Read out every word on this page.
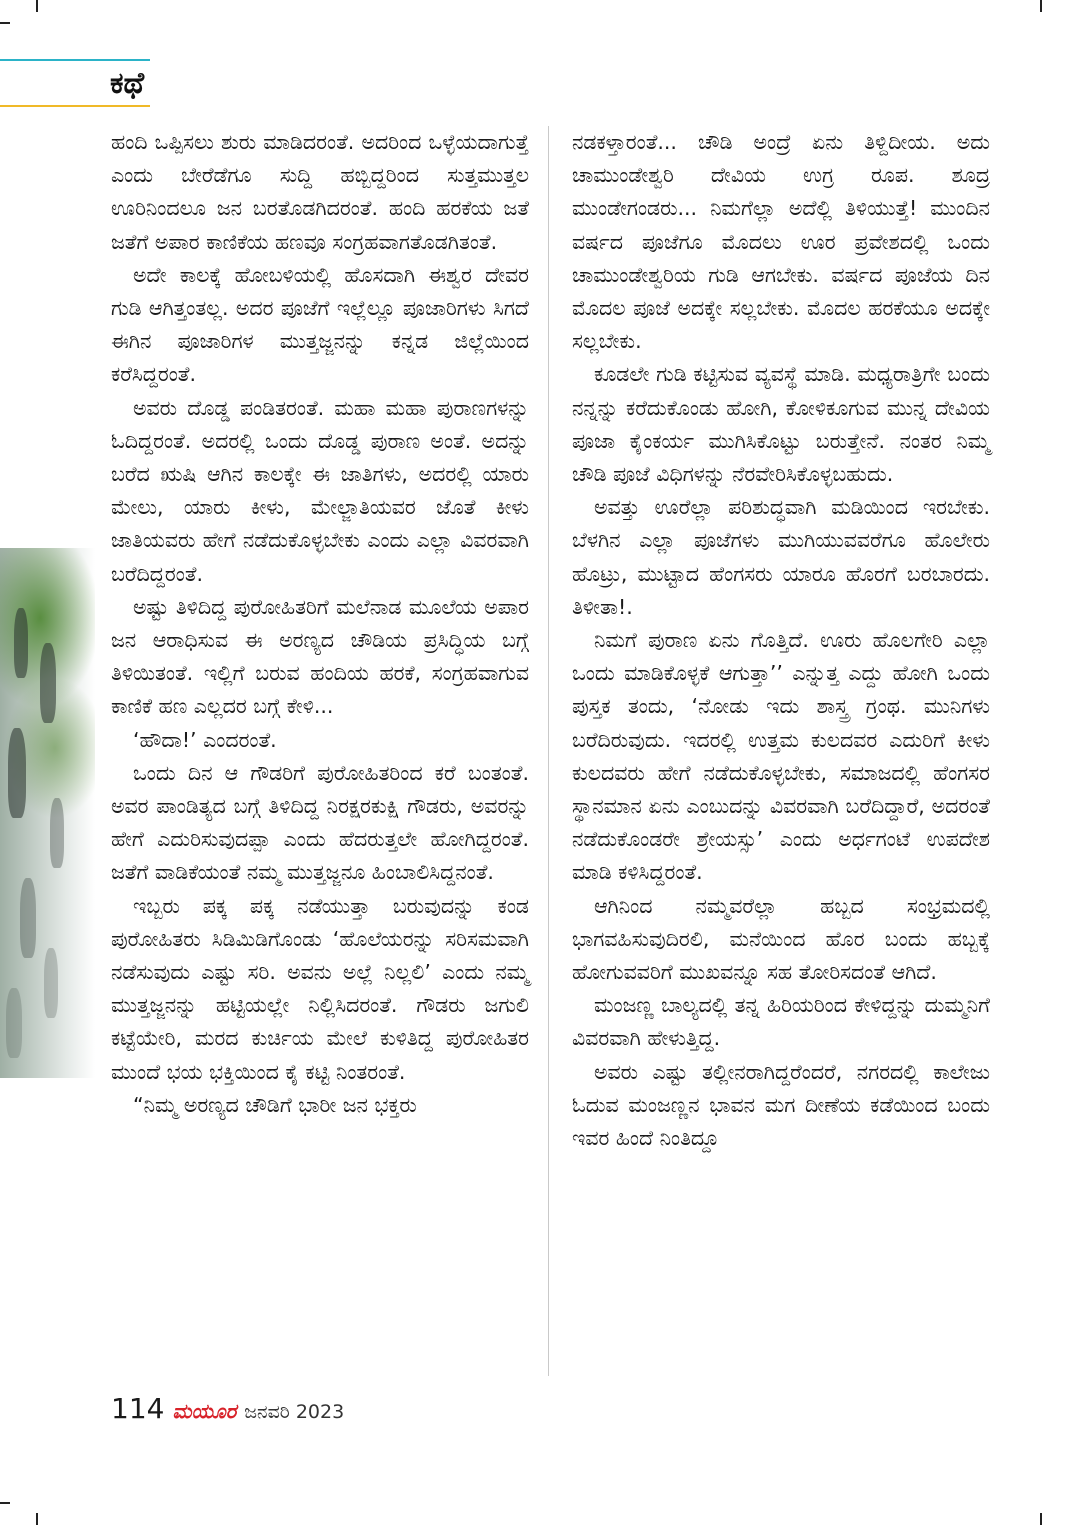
ಕಥೆ

ಹಂದಿ ಒಪ್ಪಿಸಲು ಶುರು ಮಾಡಿದರಂತೆ. ಅದರಿಂದ ಒಳ್ಳೆಯದಾಗುತ್ತೆ ಎಂದು ಬೇರೆಡೆಗೂ ಸುದ್ದಿ ಹಬ್ಬಿದ್ದರಿಂದ ಸುತ್ತಮುತ್ತಲ ಊರಿನಿಂದಲೂ ಜನ ಬರತೊಡಗಿದರಂತೆ. ಹಂದಿ ಹರಕೆಯ ಜತೆ ಜತೆಗೆ ಅಪಾರ ಕಾಣಿಕೆಯ ಹಣವೂ ಸಂಗ್ರಹವಾಗತೊಡಗಿತಂತೆ.

ಅದೇ ಕಾಲಕ್ಕೆ ಹೋಬಳಿಯಲ್ಲಿ ಹೊಸದಾಗಿ ಈಶ್ವರ ದೇವರ ಗುಡಿ ಆಗಿತ್ತಂತಲ್ಲ. ಅದರ ಪೂಜೆಗೆ ಇಲ್ಲೆಲ್ಲೂ ಪೂಜಾರಿಗಳು ಸಿಗದೆ ಈಗಿನ ಪೂಜಾರಿಗಳ ಮುತ್ತಜ್ಜನನ್ನು ಕನ್ನಡ ಜಿಲ್ಲೆಯಿಂದ ಕರೆಸಿದ್ದರಂತೆ.

ಅವರು ದೊಡ್ಡ ಪಂಡಿತರಂತೆ. ಮಹಾ ಮಹಾ ಪುರಾಣಗಳನ್ನು ಓದಿದ್ದರಂತೆ. ಅದರಲ್ಲಿ ಒಂದು ದೊಡ್ಡ ಪುರಾಣ ಅಂತೆ. ಅದನ್ನು ಬರೆದ ಋಷಿ ಆಗಿನ ಕಾಲಕ್ಕೇ ಈ ಜಾತಿಗಳು, ಅದರಲ್ಲಿ ಯಾರು ಮೇಲು, ಯಾರು ಕೀಳು, ಮೇಲ್ಜಾತಿಯವರ ಜೊತೆ ಕೀಳು ಜಾತಿಯವರು ಹೇಗೆ ನಡೆದುಕೊಳ್ಳಬೇಕು ಎಂದು ಎಲ್ಲಾ ವಿವರವಾಗಿ ಬರೆದಿದ್ದರಂತೆ.

ಅಷ್ಟು ತಿಳಿದಿದ್ದ ಪುರೋಹಿತರಿಗೆ ಮಲೆನಾಡ ಮೂಲೆಯ ಅಪಾರ ಜನ ಆರಾಧಿಸುವ ಈ ಅರಣ್ಯದ ಚೌಡಿಯ ಪ್ರಸಿದ್ಧಿಯ ಬಗ್ಗೆ ತಿಳಿಯಿತಂತೆ. ಇಲ್ಲಿಗೆ ಬರುವ ಹಂದಿಯ ಹರಕೆ, ಸಂಗ್ರಹವಾಗುವ ಕಾಣಿಕೆ ಹಣ ಎಲ್ಲದರ ಬಗ್ಗೆ ಕೇಳಿ...

‘ಹೌದಾ!’ ಎಂದರಂತೆ.

ಒಂದು ದಿನ ಆ ಗೌಡರಿಗೆ ಪುರೋಹಿತರಿಂದ ಕರೆ ಬಂತಂತೆ. ಅವರ ಪಾಂಡಿತ್ಯದ ಬಗ್ಗೆ ತಿಳಿದಿದ್ದ ನಿರಕ್ಷರಕುಕ್ಷಿ ಗೌಡರು, ಅವರನ್ನು ಹೇಗೆ ಎದುರಿಸುವುದಪ್ಪಾ ಎಂದು ಹೆದರುತ್ತಲೇ ಹೋಗಿದ್ದರಂತೆ. ಜತೆಗೆ ವಾಡಿಕೆಯಂತೆ ನಮ್ಮ ಮುತ್ತಜ್ಜನೂ ಹಿಂಬಾಲಿಸಿದ್ದನಂತೆ.

ಇಬ್ಬರು ಪಕ್ಕ ಪಕ್ಕ ನಡೆಯುತ್ತಾ ಬರುವುದನ್ನು ಕಂಡ ಪುರೋಹಿತರು ಸಿಡಿಮಿಡಿಗೊಂಡು ‘ಹೊಲೆಯರನ್ನು ಸರಿಸಮವಾಗಿ ನಡೆಸುವುದು ಎಷ್ಟು ಸರಿ. ಅವನು ಅಲ್ಲೆ ನಿಲ್ಲಲಿ’ ಎಂದು ನಮ್ಮ ಮುತ್ತಜ್ಜನನ್ನು ಹಟ್ಟಿಯಲ್ಲೇ ನಿಲ್ಲಿಸಿದರಂತೆ. ಗೌಡರು ಜಗುಲಿ ಕಟ್ಟೆಯೇರಿ, ಮರದ ಕುರ್ಚಿಯ ಮೇಲೆ ಕುಳಿತಿದ್ದ ಪುರೋಹಿತರ ಮುಂದೆ ಭಯ ಭಕ್ತಿಯಿಂದ ಕೈ ಕಟ್ಟಿ ನಿಂತರಂತೆ.

“ನಿಮ್ಮ ಅರಣ್ಯದ ಚೌಡಿಗೆ ಭಾರೀ ಜನ ಭಕ್ತರು

ನಡಕಳ್ತಾರಂತೆ... ಚೌಡಿ ಅಂದ್ರೆ ಏನು ತಿಳ್ದಿದೀಯ. ಅದು ಚಾಮುಂಡೇಶ್ವರಿ ದೇವಿಯ ಉಗ್ರ ರೂಪ. ಶೂದ್ರ ಮುಂಡೇಗಂಡರು... ನಿಮಗೆಲ್ಲಾ ಅದೆಲ್ಲಿ ತಿಳಿಯುತ್ತೆ! ಮುಂದಿನ ವರ್ಷದ ಪೂಜೆಗೂ ಮೊದಲು ಊರ ಪ್ರವೇಶದಲ್ಲಿ ಒಂದು ಚಾಮುಂಡೇಶ್ವರಿಯ ಗುಡಿ ಆಗಬೇಕು. ವರ್ಷದ ಪೂಜೆಯ ದಿನ ಮೊದಲ ಪೂಜೆ ಅದಕ್ಕೇ ಸಲ್ಲಬೇಕು. ಮೊದಲ ಹರಕೆಯೂ ಅದಕ್ಕೇ ಸಲ್ಲಬೇಕು.

ಕೂಡಲೇ ಗುಡಿ ಕಟ್ಟಿಸುವ ವ್ಯವಸ್ಥೆ ಮಾಡಿ. ಮಧ್ಯರಾತ್ರಿಗೇ ಬಂದು ನನ್ನನ್ನು ಕರೆದುಕೊಂಡು ಹೋಗಿ, ಕೋಳಿಕೂಗುವ ಮುನ್ನ ದೇವಿಯ ಪೂಜಾ ಕೈಂಕರ್ಯ ಮುಗಿಸಿಕೊಟ್ಟು ಬರುತ್ತೇನೆ. ನಂತರ ನಿಮ್ಮ ಚೌಡಿ ಪೂಜೆ ವಿಧಿಗಳನ್ನು ನೆರವೇರಿಸಿಕೊಳ್ಳಬಹುದು.

ಅವತ್ತು ಊರೆಲ್ಲಾ ಪರಿಶುದ್ಧವಾಗಿ ಮಡಿಯಿಂದ ಇರಬೇಕು. ಬೆಳಗಿನ ಎಲ್ಲಾ ಪೂಜೆಗಳು ಮುಗಿಯುವವರೆಗೂ ಹೊಲೇರು ಹೊಟ್ರು, ಮುಟ್ಟಾದ ಹೆಂಗಸರು ಯಾರೂ ಹೊರಗೆ ಬರಬಾರದು. ತಿಳೀತಾ!.

ನಿಮಗೆ ಪುರಾಣ ಏನು ಗೊತ್ತಿದೆ. ಊರು ಹೊಲಗೇರಿ ಎಲ್ಲಾ ಒಂದು ಮಾಡಿಕೊಳ್ಳಕೆ ಆಗುತ್ತಾ’’ ಎನ್ನುತ್ತ ಎದ್ದು ಹೋಗಿ ಒಂದು ಪುಸ್ತಕ ತಂದು, ‘ನೋಡು ಇದು ಶಾಸ್ತ್ರ ಗ್ರಂಥ. ಮುನಿಗಳು ಬರೆದಿರುವುದು. ಇದರಲ್ಲಿ ಉತ್ತಮ ಕುಲದವರ ಎದುರಿಗೆ ಕೀಳು ಕುಲದವರು ಹೇಗೆ ನಡೆದುಕೊಳ್ಳಬೇಕು, ಸಮಾಜದಲ್ಲಿ ಹೆಂಗಸರ ಸ್ಥಾನಮಾನ ಏನು ಎಂಬುದನ್ನು ವಿವರವಾಗಿ ಬರೆದಿದ್ದಾರೆ, ಅದರಂತೆ ನಡೆದುಕೊಂಡರೇ ಶ್ರೇಯಸ್ಸು’ ಎಂದು ಅರ್ಧಗಂಟೆ ಉಪದೇಶ ಮಾಡಿ ಕಳಿಸಿದ್ದರಂತೆ.

ಆಗಿನಿಂದ ನಮ್ಮವರೆಲ್ಲಾ ಹಬ್ಬದ ಸಂಭ್ರಮದಲ್ಲಿ ಭಾಗವಹಿಸುವುದಿರಲಿ, ಮನೆಯಿಂದ ಹೊರ ಬಂದು ಹಬ್ಬಕ್ಕೆ ಹೋಗುವವರಿಗೆ ಮುಖವನ್ನೂ ಸಹ ತೋರಿಸದಂತೆ ಆಗಿದೆ.

ಮಂಜಣ್ಣ ಬಾಲ್ಯದಲ್ಲಿ ತನ್ನ ಹಿರಿಯರಿಂದ ಕೇಳಿದ್ದನ್ನು ದುಮ್ಮನಿಗೆ ವಿವರವಾಗಿ ಹೇಳುತ್ತಿದ್ದ.

ಅವರು ಎಷ್ಟು ತಲ್ಲೀನರಾಗಿದ್ದರೆಂದರೆ, ನಗರದಲ್ಲಿ ಕಾಲೇಜು ಓದುವ ಮಂಜಣ್ಣನ ಭಾವನ ಮಗ ದೀಣೆಯ ಕಡೆಯಿಂದ ಬಂದು ಇವರ ಹಿಂದೆ ನಿಂತಿದ್ದೂ

114 ಮಯೂರ ಜನವರಿ 2023
